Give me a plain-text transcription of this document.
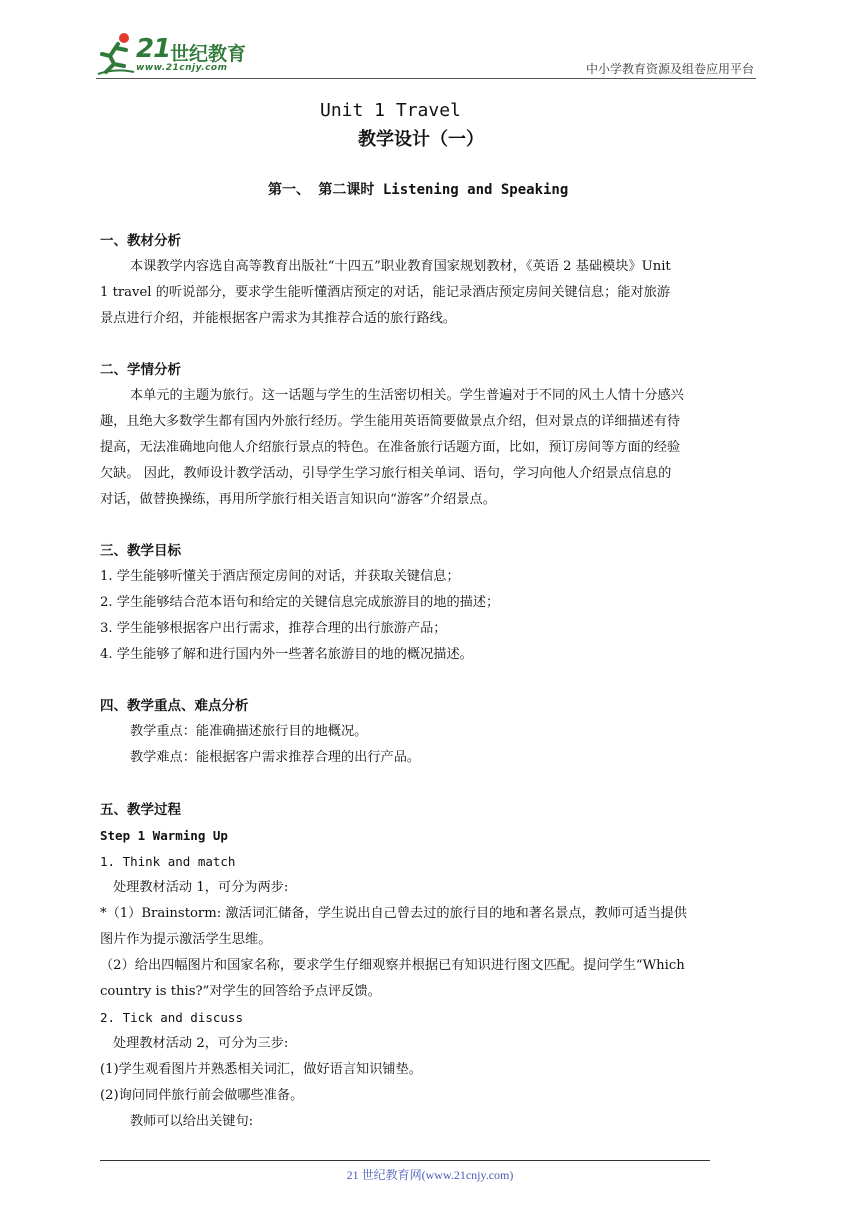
21 世纪教育
www.21cnjy.com	中小学教育资源及组卷应用平台
Unit 1 Travel
教学设计（一）
第一、 第二课时 Listening and Speaking
一、教材分析
本课教学内容选自高等教育出版社“十四五”职业教育国家规划教材，《英语 2 基础模块》Unit
1 travel 的听说部分，要求学生能听懂酒店预定的对话，能记录酒店预定房间关键信息；能对旅游
景点进行介绍，并能根据客户需求为其推荐合适的旅行路线。
二、学情分析
本单元的主题为旅行。这一话题与学生的生活密切相关。学生普遍对于不同的风土人情十分感兴
趣，且绝大多数学生都有国内外旅行经历。学生能用英语简要做景点介绍，但对景点的详细描述有待
提高，无法准确地向他人介绍旅行景点的特色。在准备旅行话题方面，比如，预订房间等方面的经验
欠缺。 因此，教师设计教学活动，引导学生学习旅行相关单词、语句，学习向他人介绍景点信息的
对话，做替换操练，再用所学旅行相关语言知识向“游客”介绍景点。
三、教学目标
1. 学生能够听懂关于酒店预定房间的对话，并获取关键信息；
2. 学生能够结合范本语句和给定的关键信息完成旅游目的地的描述；
3. 学生能够根据客户出行需求，推荐合理的出行旅游产品；
4. 学生能够了解和进行国内外一些著名旅游目的地的概况描述。
四、教学重点、难点分析
教学重点：能准确描述旅行目的地概况。
教学难点：能根据客户需求推荐合理的出行产品。
五、教学过程
Step 1 Warming Up
1. Think and match
处理教材活动 1，可分为两步:
*（1）Brainstorm: 激活词汇储备，学生说出自己曾去过的旅行目的地和著名景点，教师可适当提供
图片作为提示激活学生思维。
（2）给出四幅图片和国家名称，要求学生仔细观察并根据已有知识进行图文匹配。提问学生“Which
country is this?”对学生的回答给予点评反馈。
2. Tick and discuss
处理教材活动 2，可分为三步:
(1)学生观看图片并熟悉相关词汇，做好语言知识铺垫。
(2)询问同伴旅行前会做哪些准备。
教师可以给出关键句:
21 世纪教育网(www.21cnjy.com)
